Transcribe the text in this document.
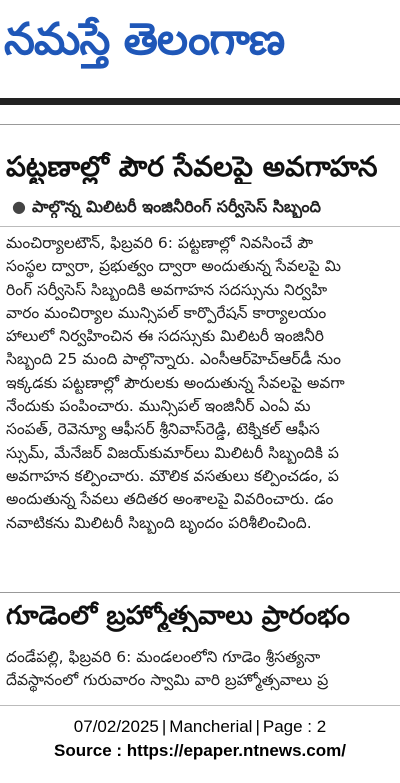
నమస్తే తెలంగాణ
పట్టణాల్లో పౌర సేవలపై అవగాహన
● పాల్గొన్న మిలిటరీ ఇంజినీరింగ్ సర్వీసెస్ సిబ్బంది
మంచిర్యాలటౌన్, ఫిబ్రవరి 6: పట్టణాల్లో నివసించే పౌ
సంస్థల ద్వారా, ప్రభుత్వం ద్వారా అందుతున్న సేవలపై మి
రింగ్ సర్వీసెస్ సిబ్బందికి అవగాహన సదస్సును నిర్వహి
వారం మంచిర్యాల మున్సిపల్ కార్పొరేషన్ కార్యాలయం
హాలులో నిర్వహించిన ఈ సదస్సుకు మిలిటరీ ఇంజినీరి
సిబ్బంది 25 మంది పాల్గొన్నారు. ఎంసీఆర్‌హెచ్‌ఆర్‌డీ నుం
ఇక్కడకు పట్టణాల్లో పౌరులకు అందుతున్న సేవలపై అవగా
నేందుకు పంపించారు. మున్సిపల్ ఇంజినీర్ ఎంఏ మ
సంపత్, రెవెన్యూ ఆఫీసర్ శ్రీనివాస్‌రెడ్డి, టెక్నికల్ ఆఫీస
స్సుమ్, మేనేజర్ విజయ్‌కుమార్‌లు మిలిటరీ సిబ్బందికి ప
అవగాహన కల్పించారు. మౌలిక వసతులు కల్పించడం, ప
అందుతున్న సేవలు తదితర అంశాలపై వివరించారు. డం
నవాటికను మిలిటరీ సిబ్బంది బృందం పరిశీలించింది.
గూడెంలో బ్రహ్మోత్సవాలు ప్రారంభం
దండేపల్లి, ఫిబ్రవరి 6: మండలంలోని గూడెం శ్రీసత్యనా
దేవస్థానంలో గురువారం స్వామి వారి బ్రహ్మోత్సవాలు ప్ర
07/02/2025 | Mancherial | Page : 2
Source : https://epaper.ntnews.com/
